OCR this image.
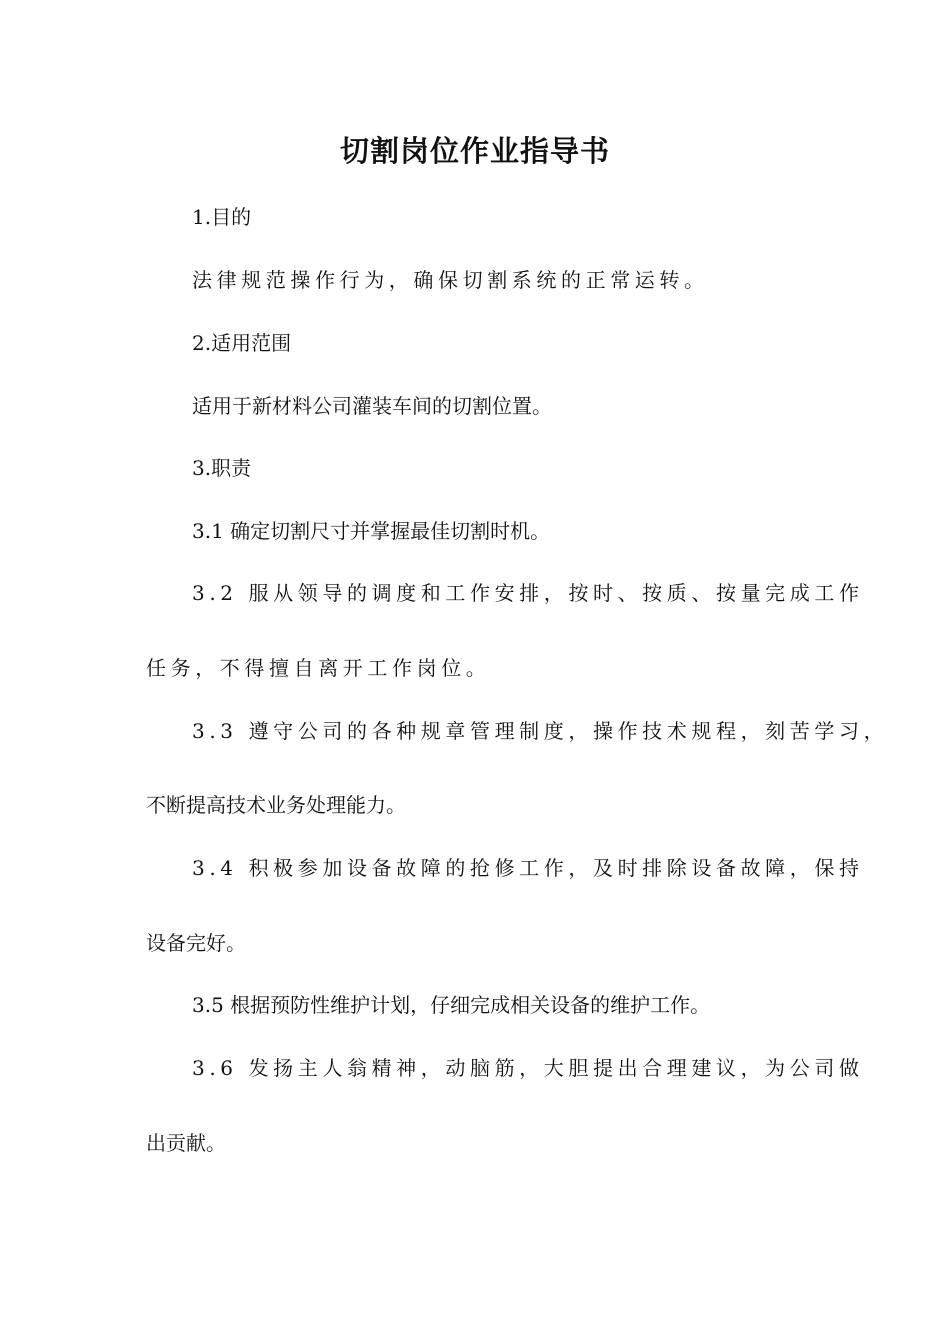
切割岗位作业指导书
1.目的
法律规范操作行为，确保切割系统的正常运转。
2.适用范围
适用于新材料公司灌装车间的切割位置。
3.职责
3.1 确定切割尺寸并掌握最佳切割时机。
3.2 服从领导的调度和工作安排，按时、按质、按量完成工作
任务，不得擅自离开工作岗位。
3.3 遵守公司的各种规章管理制度，操作技术规程，刻苦学习，
不断提高技术业务处理能力。
3.4 积极参加设备故障的抢修工作，及时排除设备故障，保持
设备完好。
3.5 根据预防性维护计划，仔细完成相关设备的维护工作。
3.6 发扬主人翁精神，动脑筋，大胆提出合理建议，为公司做
出贡献。
